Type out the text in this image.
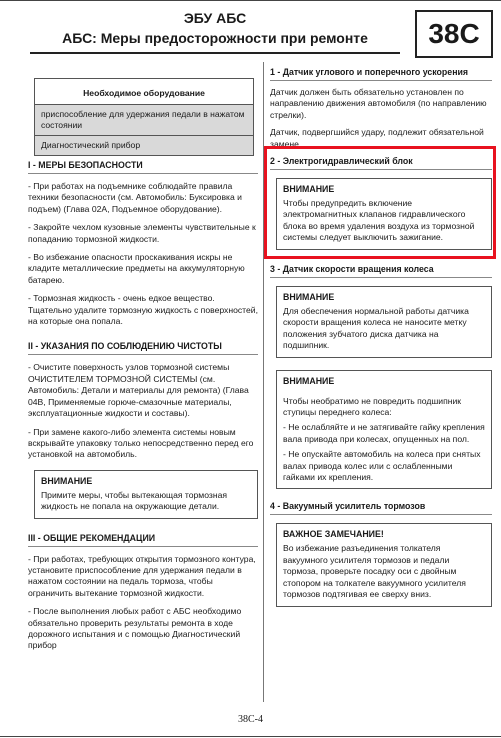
ЭБУ АБС
АБС: Меры предосторожности при ремонте	38C
Необходимое оборудование
приспособление для удержания педали в нажатом состоянии
Диагностический прибор

I - МЕРЫ БЕЗОПАСНОСТИ

- При работах на подъемнике соблюдайте правила техники безопасности (см. Автомобиль: Буксировка и подъем) (Глава 02А, Подъемное оборудование).

- Закройте чехлом кузовные элементы чувствительные к попаданию тормозной жидкости.

- Во избежание опасности проскакивания искры не кладите металлические предметы на аккумуляторную батарею.

- Тормозная жидкость - очень едкое вещество. Тщательно удалите тормозную жидкость с поверхностей, на которые она попала.

II - УКАЗАНИЯ ПО СОБЛЮДЕНИЮ ЧИСТОТЫ

- Очистите поверхность узлов тормозной системы ОЧИСТИТЕЛЕМ ТОРМОЗНОЙ СИСТЕМЫ (см. Автомобиль: Детали и материалы для ремонта) (Глава 04В, Применяемые горюче-смазочные материалы, эксплуатационные жидкости и составы).

- При замене какого-либо элемента системы новым вскрывайте упаковку только непосредственно перед его установкой на автомобиль.

ВНИМАНИЕ

Примите меры, чтобы вытекающая тормозная жидкость не попала на окружающие детали.

III - ОБЩИЕ РЕКОМЕНДАЦИИ

- При работах, требующих открытия тормозного контура, установите приспособление для удержания педали в нажатом состоянии на педаль тормоза, чтобы ограничить вытекание тормозной жидкости.

- После выполнения любых работ с АБС необходимо обязательно проверить результаты ремонта в ходе дорожного испытания и с помощью Диагностический прибор

1 - Датчик углового и поперечного ускорения

Датчик должен быть обязательно установлен по направлению движения автомобиля (по направлению стрелки).

Датчик, подвергшийся удару, подлежит обязательной замене.

2 - Электрогидравлический блок

ВНИМАНИЕ

Чтобы предупредить включение электромагнитных клапанов гидравлического блока во время удаления воздуха из тормозной системы следует выключить зажигание.

3 - Датчик скорости вращения колеса

ВНИМАНИЕ

Для обеспечения нормальной работы датчика скорости вращения колеса не наносите метку положения зубчатого диска датчика на подшипник.

ВНИМАНИЕ

Чтобы необратимо не повредить подшипник ступицы переднего колеса:

- Не ослабляйте и не затягивайте гайку крепления вала привода при колесах, опущенных на пол.

- Не опускайте автомобиль на колеса при снятых валах привода колес или с ослабленными гайками их крепления.

4 - Вакуумный усилитель тормозов

ВАЖНОЕ ЗАМЕЧАНИЕ!

Во избежание разъединения толкателя вакуумного усилителя тормозов и педали тормоза, проверьте посадку оси с двойным стопором на толкателе вакуумного усилителя тормозов подтягивая ее сверху вниз.

38C-4
